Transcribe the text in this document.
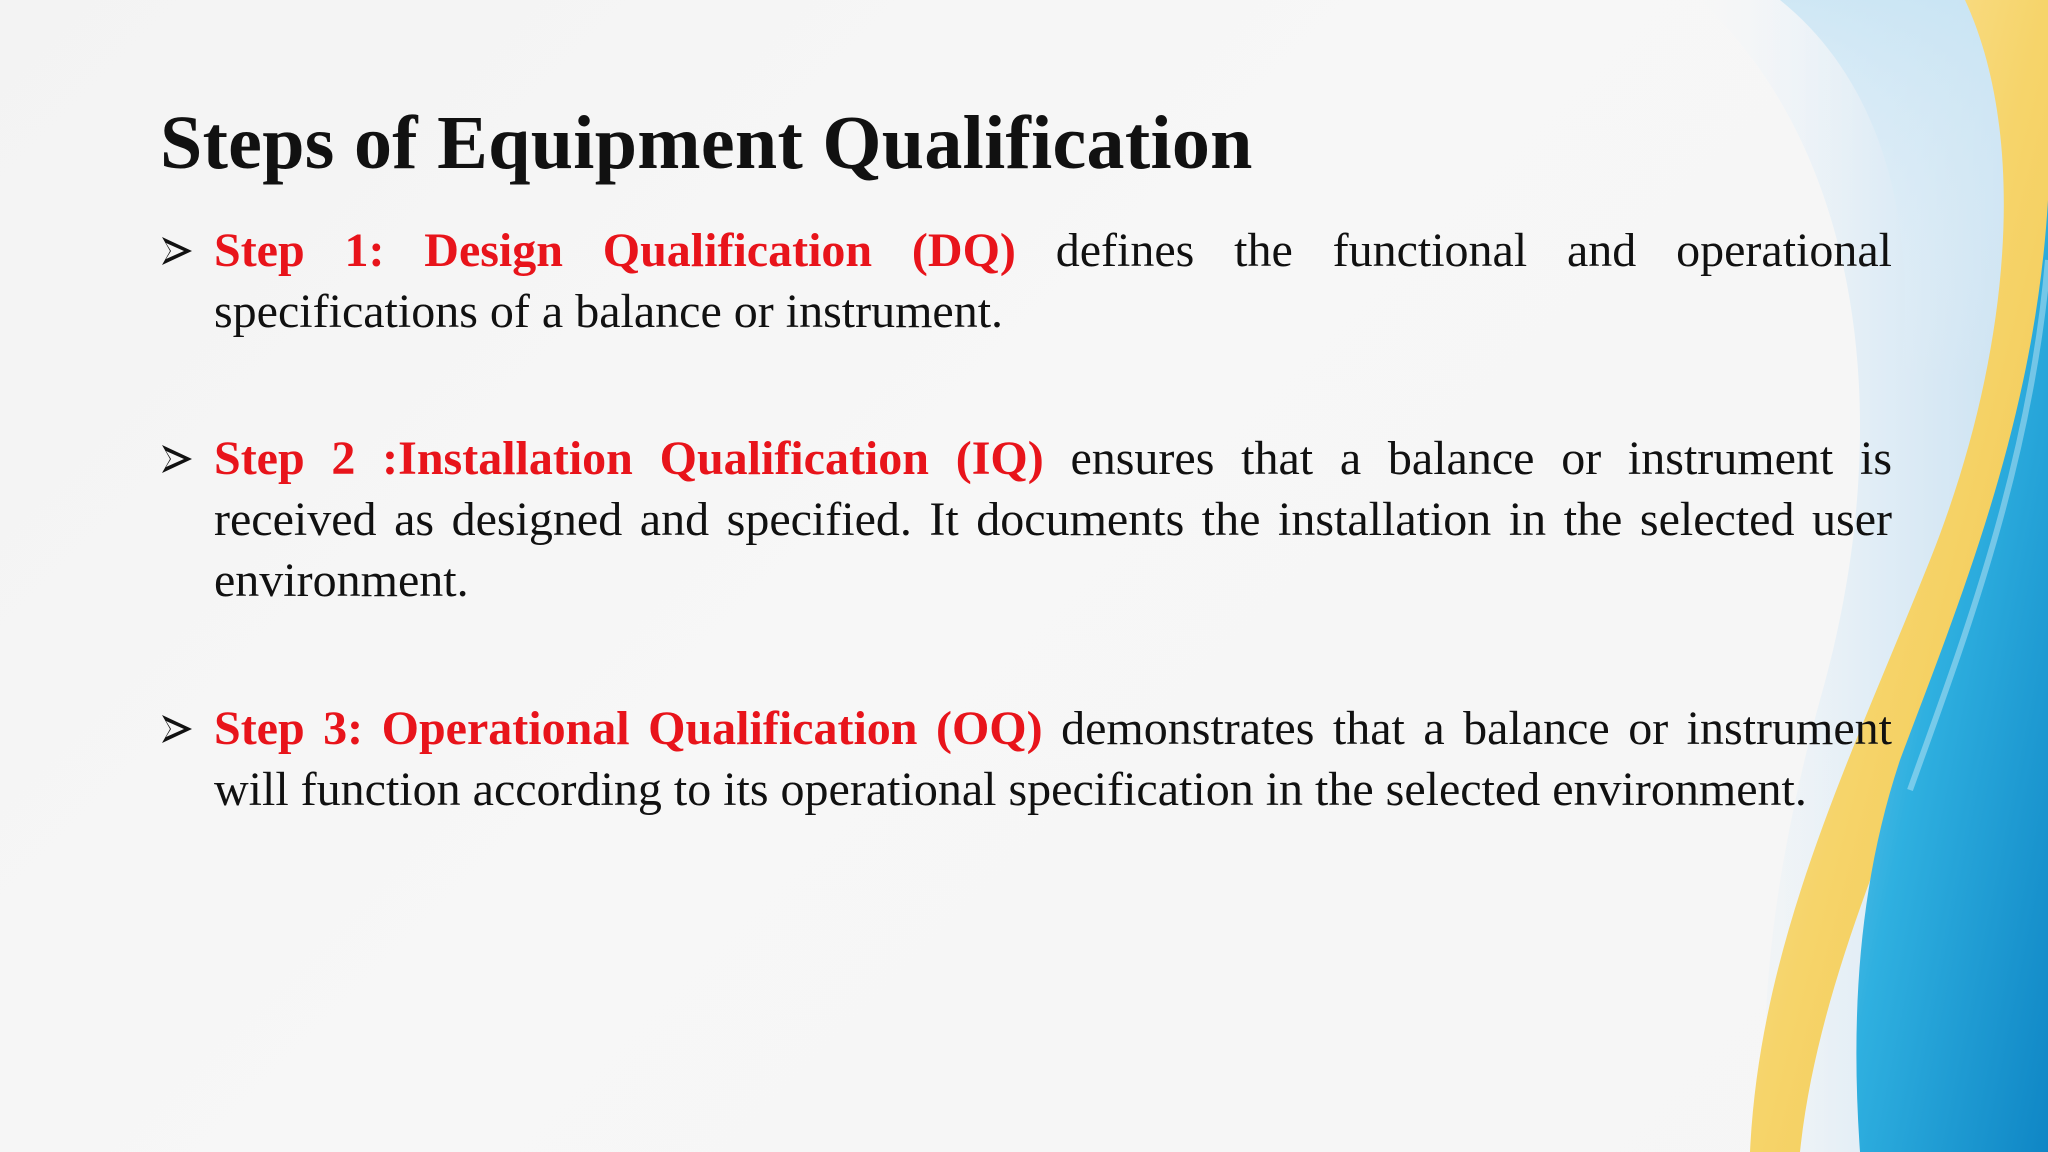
Steps of Equipment Qualification
Step 1: Design Qualification (DQ) defines the functional and operational specifications of a balance or instrument.
Step 2 :Installation Qualification (IQ) ensures that a balance or instrument is received as designed and specified. It documents the installation in the selected user environment.
Step 3: Operational Qualification (OQ) demonstrates that a balance or instrument will function according to its operational specification in the selected environment.
